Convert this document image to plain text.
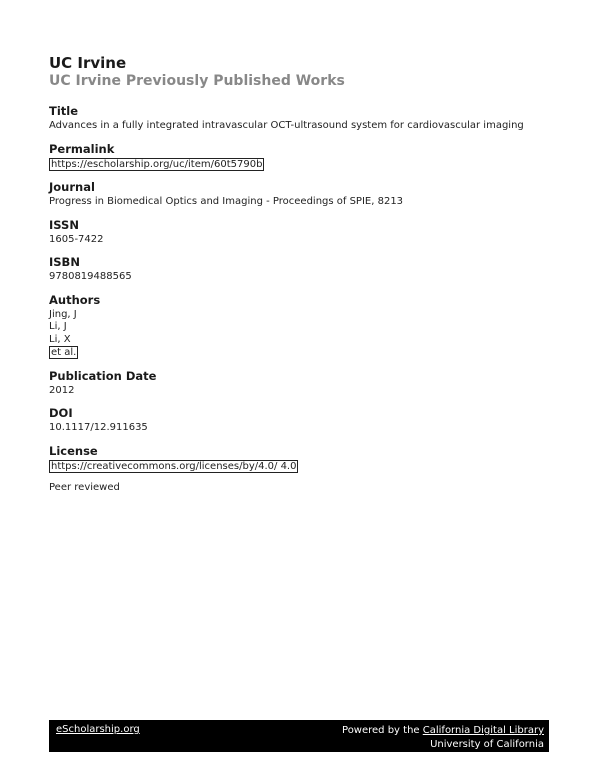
UC Irvine
UC Irvine Previously Published Works
Title
Advances in a fully integrated intravascular OCT-ultrasound system for cardiovascular imaging
Permalink
https://escholarship.org/uc/item/60t5790b
Journal
Progress in Biomedical Optics and Imaging - Proceedings of SPIE, 8213
ISSN
1605-7422
ISBN
9780819488565
Authors
Jing, J
Li, J
Li, X
et al.
Publication Date
2012
DOI
10.1117/12.911635
License
https://creativecommons.org/licenses/by/4.0/ 4.0
Peer reviewed
eScholarship.org	Powered by the California Digital Library
University of California
